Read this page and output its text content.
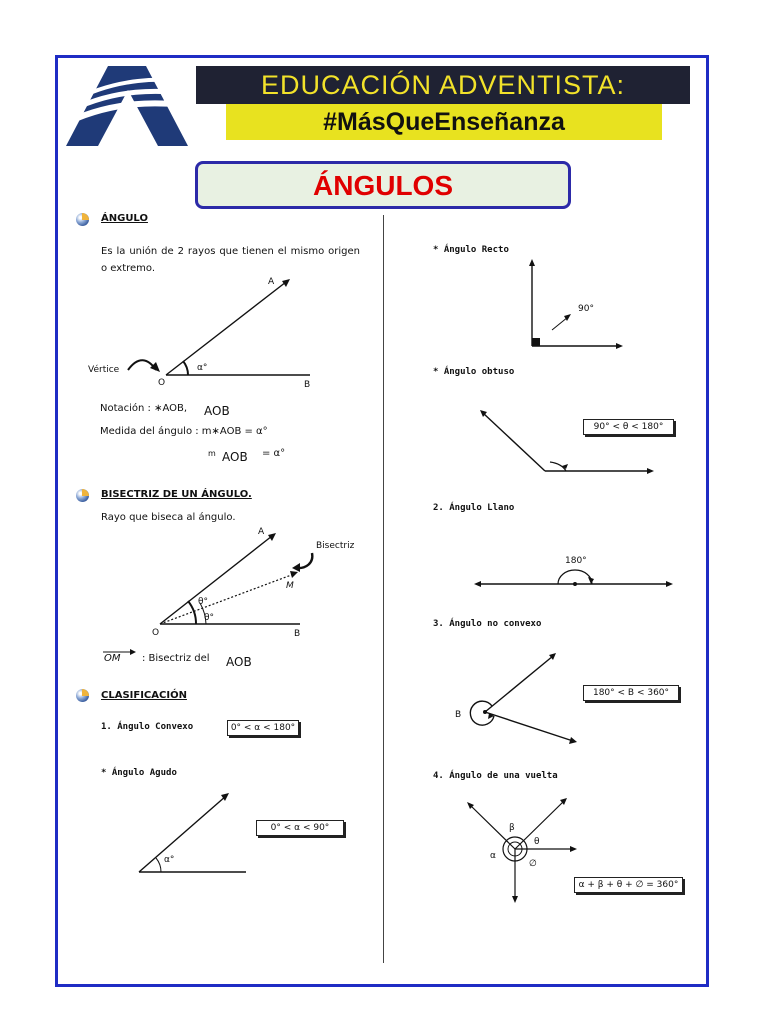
EDUCACIÓN ADVENTISTA:
#MásQueEnseñanza
ÁNGULOS
ÁNGULO
Es la unión de 2 rayos que tienen el mismo origen o extremo.
A
O	B
Vértice	α°
Notación : ∗AOB, AOB
Medida del ángulo : m∗AOB = α°
m AOB = α°
BISECTRIZ DE UN ÁNGULO.
Rayo que biseca al ángulo.
A
Bisectriz
M
θ°
θ°
O	B
OM : Bisectriz del AOB
CLASIFICACIÓN
1. Ángulo Convexo	0° < α < 180°
* Ángulo Agudo
0° < α < 90°
α°
* Ángulo Recto
90°
* Ángulo obtuso
90° < θ < 180°
2. Ángulo Llano
180°
3. Ángulo no convexo
180° < B < 360°
B
4. Ángulo de una vuelta
α + β + θ + ∅ = 360°
α
β
θ
∅
